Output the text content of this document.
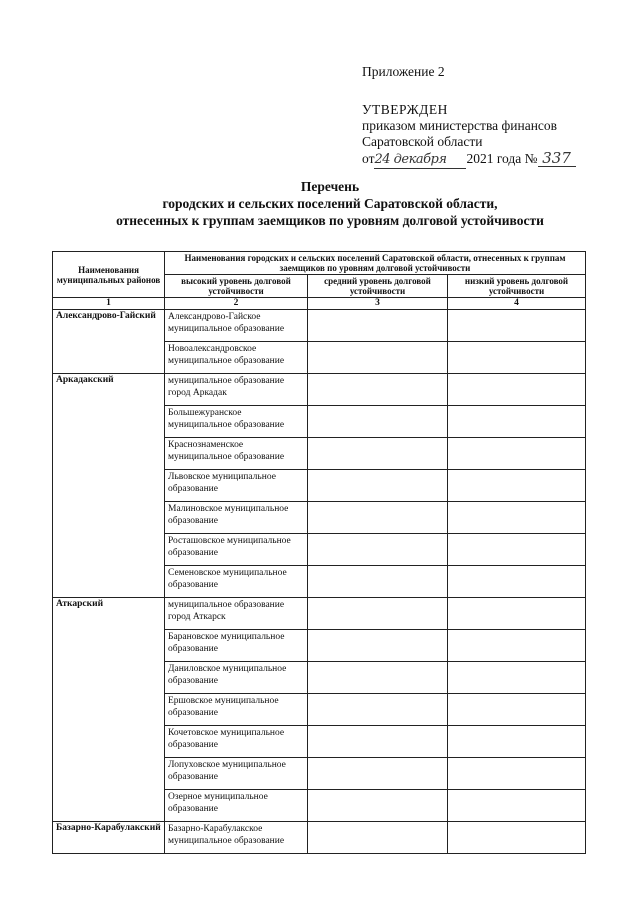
Приложение 2
УТВЕРЖДЕН
приказом министерства финансов
Саратовской области
от24 декабря 2021 года № 337
Перечень
городских и сельских поселений Саратовской области,
отнесенных к группам заемщиков по уровням долговой устойчивости
Наименования муниципальных районов	Наименования городских и сельских поселений Саратовской области, отнесенных к группам заемщиков по уровням долговой устойчивости		
	высокий уровень долговой устойчивости	средний уровень долговой устойчивости	низкий уровень долговой устойчивости
1	2	3	4
Александрово-Гайский	Александрово-Гайское муниципальное образование		
	Новоалександровское муниципальное образование		
Аркадакский	муниципальное образование город Аркадак		
	Большежуранское муниципальное образование		
	Краснознаменское муниципальное образование		
	Львовское муниципальное образование		
	Малиновское муниципальное образование		
	Росташовское муниципальное образование		
	Семеновское муниципальное образование		
Аткарский	муниципальное образование город Аткарск		
	Барановское муниципальное образование		
	Даниловское муниципальное образование		
	Ершовское муниципальное образование		
	Кочетовское муниципальное образование		
	Лопуховское муниципальное образование		
	Озерное муниципальное образование		
Базарно-Карабулакский	Базарно-Карабулакское муниципальное образование		
